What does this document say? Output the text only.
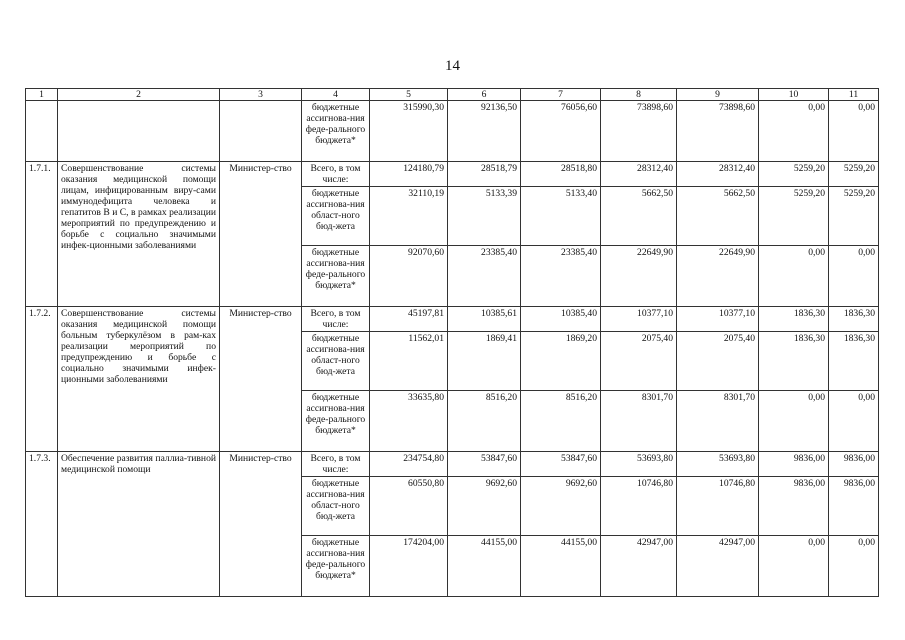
14
1	2	3	4	5	6	7	8	9	10	11
			бюджетные ассигнова-ния феде-рального бюджета*	315990,30	92136,50	76056,60	73898,60	73898,60	0,00	0,00
1.7.1.	Совершенствование системы оказания медицинской помощи лицам, инфицированным виру-сами иммунодефицита человека и гепатитов B и C, в рамках реализации мероприятий по предупреждению и борьбе с социально значимыми инфек-ционными заболеваниями	Министер-ство	Всего, в том числе:	124180,79	28518,79	28518,80	28312,40	28312,40	5259,20	5259,20
			бюджетные ассигнова-ния област-ного бюд-жета	32110,19	5133,39	5133,40	5662,50	5662,50	5259,20	5259,20
			бюджетные ассигнова-ния феде-рального бюджета*	92070,60	23385,40	23385,40	22649,90	22649,90	0,00	0,00
1.7.2.	Совершенствование системы оказания медицинской помощи больным туберкулёзом в рам-ках реализации мероприятий по предупреждению и борьбе с социально значимыми инфек-ционными заболеваниями	Министер-ство	Всего, в том числе:	45197,81	10385,61	10385,40	10377,10	10377,10	1836,30	1836,30
			бюджетные ассигнова-ния област-ного бюд-жета	11562,01	1869,41	1869,20	2075,40	2075,40	1836,30	1836,30
			бюджетные ассигнова-ния феде-рального бюджета*	33635,80	8516,20	8516,20	8301,70	8301,70	0,00	0,00
1.7.3.	Обеспечение развития паллиа-тивной медицинской помощи	Министер-ство	Всего, в том числе:	234754,80	53847,60	53847,60	53693,80	53693,80	9836,00	9836,00
			бюджетные ассигнова-ния област-ного бюд-жета	60550,80	9692,60	9692,60	10746,80	10746,80	9836,00	9836,00
			бюджетные ассигнова-ния феде-рального бюджета*	174204,00	44155,00	44155,00	42947,00	42947,00	0,00	0,00
